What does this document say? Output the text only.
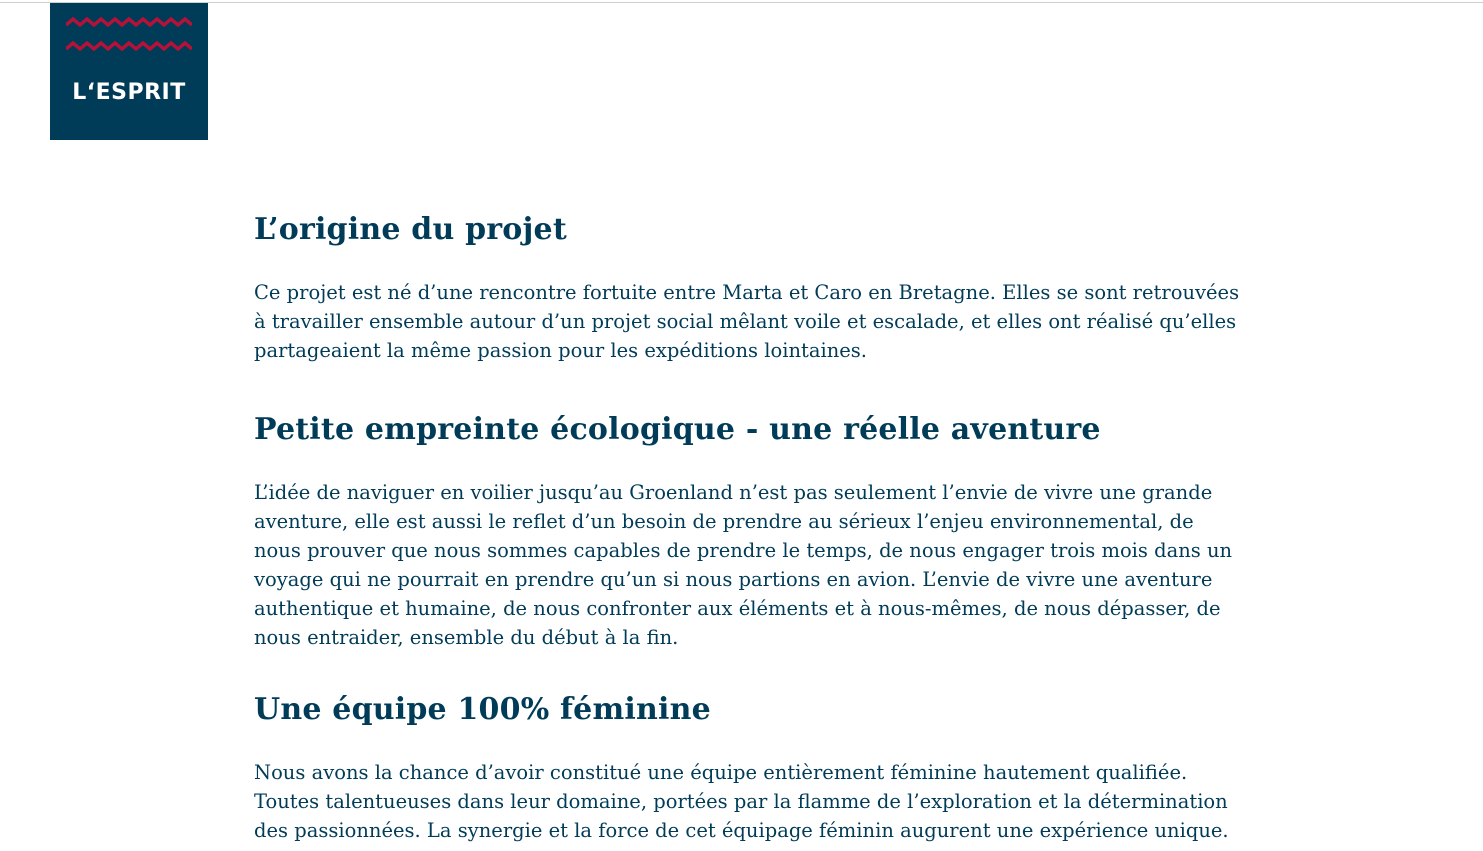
L‘ESPRIT
L’origine du projet

Ce projet est né d’une rencontre fortuite entre Marta et Caro en Bretagne. Elles se sont retrouvées
à travailler ensemble autour d’un projet social mêlant voile et escalade, et elles ont réalisé qu’elles
partageaient la même passion pour les expéditions lointaines.

Petite empreinte écologique - une réelle aventure

L’idée de naviguer en voilier jusqu’au Groenland n’est pas seulement l’envie de vivre une grande
aventure, elle est aussi le reflet d’un besoin de prendre au sérieux l’enjeu environnemental, de
nous prouver que nous sommes capables de prendre le temps, de nous engager trois mois dans un
voyage qui ne pourrait en prendre qu’un si nous partions en avion. L’envie de vivre une aventure
authentique et humaine, de nous confronter aux éléments et à nous-mêmes, de nous dépasser, de
nous entraider, ensemble du début à la fin.

Une équipe 100% féminine

Nous avons la chance d’avoir constitué une équipe entièrement féminine hautement qualifiée.
Toutes talentueuses dans leur domaine, portées par la flamme de l’exploration et la détermination
des passionnées. La synergie et la force de cet équipage féminin augurent une expérience unique.
